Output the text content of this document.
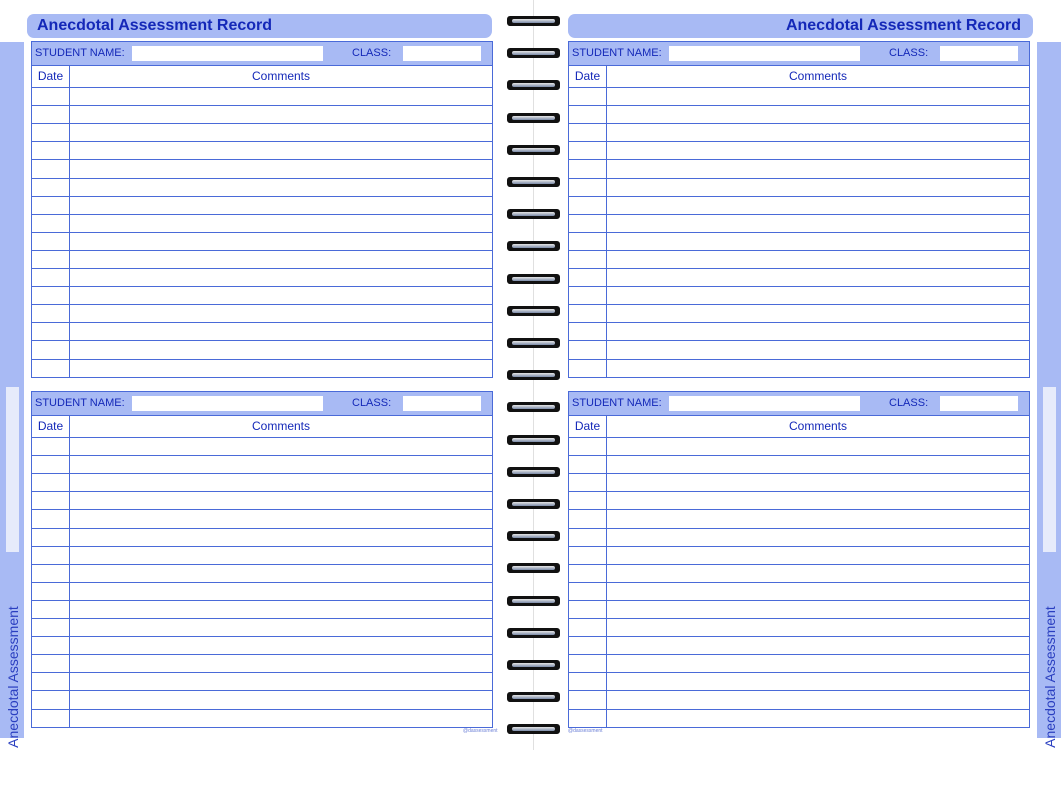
Anecdotal Assessment	Anecdotal Assessment
Anecdotal Assessment Record	Anecdotal Assessment Record
STUDENT NAME:	CLASS:
Date	Comments
STUDENT NAME:	CLASS:
Date	Comments
STUDENT NAME:	CLASS:
Date	Comments
STUDENT NAME:	CLASS:
Date	Comments
@dassessment	@dassessment
